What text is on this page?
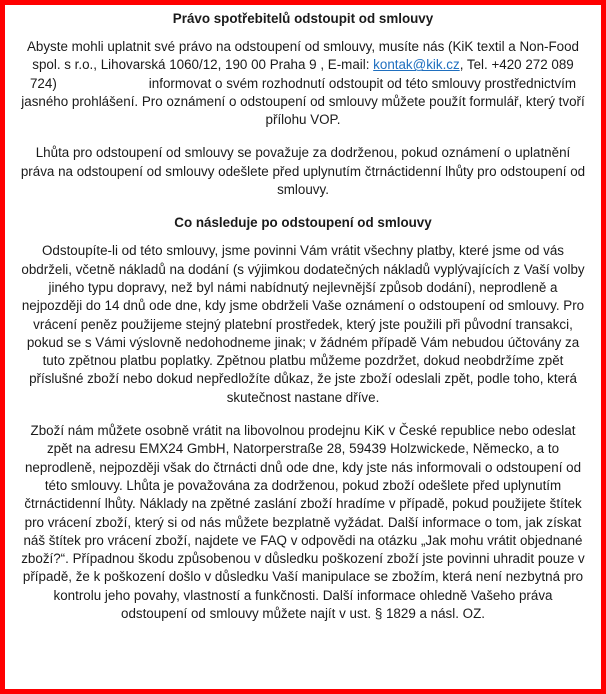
Právo spotřebitelů odstoupit od smlouvy

Abyste mohli uplatnit své právo na odstoupení od smlouvy, musíte nás (KiK textil a Non-Food spol. s r.o., Lihovarská 1060/12, 190 00 Praha 9 , E-mail: kontak@kik.cz, Tel. +420 272 089 724)	informovat o svém rozhodnutí odstoupit od této smlouvy prostřednictvím jasného prohlášení. Pro oznámení o odstoupení od smlouvy můžete použít formulář, který tvoří přílohu VOP.

Lhůta pro odstoupení od smlouvy se považuje za dodrženou, pokud oznámení o uplatnění práva na odstoupení od smlouvy odešlete před uplynutím čtrnáctidenní lhůty pro odstoupení od smlouvy.

Co následuje po odstoupení od smlouvy

Odstoupíte-li od této smlouvy, jsme povinni Vám vrátit všechny platby, které jsme od vás obdrželi, včetně nákladů na dodání (s výjimkou dodatečných nákladů vyplývajících z Vaší volby jiného typu dopravy, než byl námi nabídnutý nejlevnější způsob dodání), neprodleně a nejpozději do 14 dnů ode dne, kdy jsme obdrželi Vaše oznámení o odstoupení od smlouvy. Pro vrácení peněz použijeme stejný platební prostředek, který jste použili při původní transakci, pokud se s Vámi výslovně nedohodneme jinak; v žádném případě Vám nebudou účtovány za tuto zpětnou platbu poplatky. Zpětnou platbu můžeme pozdržet, dokud neobdržíme zpět příslušné zboží nebo dokud nepředložíte důkaz, že jste zboží odeslali zpět, podle toho, která skutečnost nastane dříve.

Zboží nám můžete osobně vrátit na libovolnou prodejnu KiK v České republice nebo odeslat zpět na adresu EMX24 GmbH, Natorperstraße 28, 59439 Holzwickede, Německo, a to neprodleně, nejpozději však do čtrnácti dnů ode dne, kdy jste nás informovali o odstoupení od této smlouvy. Lhůta je považována za dodrženou, pokud zboží odešlete před uplynutím čtrnáctidenní lhůty. Náklady na zpětné zaslání zboží hradíme v případě, pokud použijete štítek pro vrácení zboží, který si od nás můžete bezplatně vyžádat. Další informace o tom, jak získat náš štítek pro vrácení zboží, najdete ve FAQ v odpovědi na otázku „Jak mohu vrátit objednané zboží?“. Případnou škodu způsobenou v důsledku poškození zboží jste povinni uhradit pouze v případě, že k poškození došlo v důsledku Vaší manipulace se zbožím, která není nezbytná pro kontrolu jeho povahy, vlastností a funkčnosti. Další informace ohledně Vašeho práva odstoupení od smlouvy můžete najít v ust. § 1829 a násl. OZ.
